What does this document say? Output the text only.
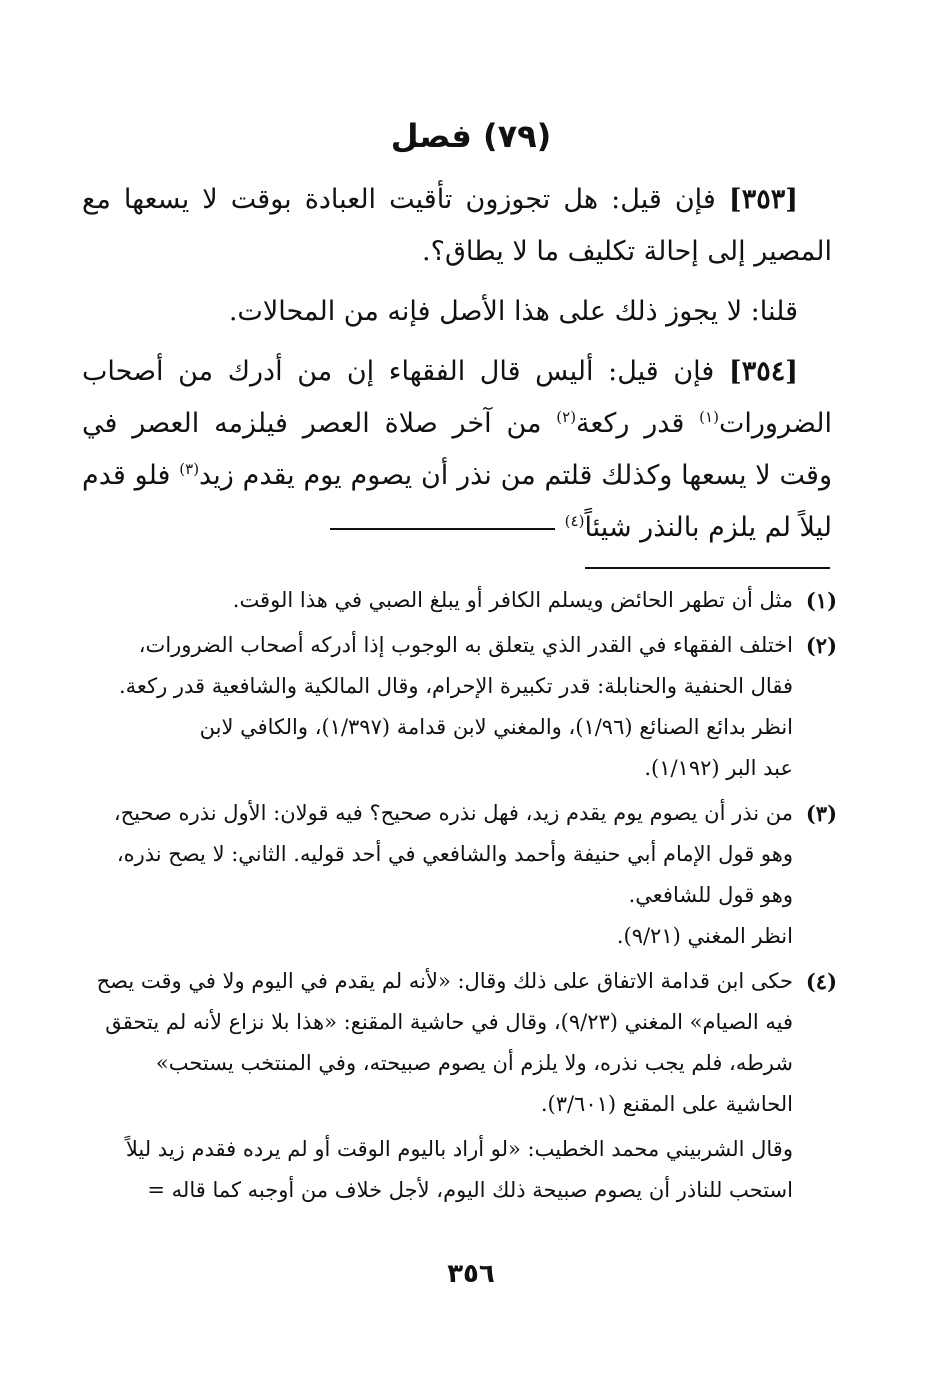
(٧٩) فصل

[٣٥٣] فإن قيل: هل تجوزون تأقيت العبادة بوقت لا يسعها مع المصير إلى إحالة تكليف ما لا يطاق؟.

قلنا: لا يجوز ذلك على هذا الأصل فإنه من المحالات.

[٣٥٤] فإن قيل: أليس قال الفقهاء إن من أدرك من أصحاب الضرورات$^{(١)}$ قدر ركعة$^{(٢)}$ من آخر صلاة العصر فيلزمه العصر في وقت لا يسعها وكذلك قلتم من نذر أن يصوم يوم يقدم زيد$^{(٣)}$ فلو قدم ليلاً لم يلزم بالنذر شيئاً$^{(٤)}$

(١)

مثل أن تطهر الحائض ويسلم الكافر أو يبلغ الصبي في هذا الوقت.

(٢)

اختلف الفقهاء في القدر الذي يتعلق به الوجوب إذا أدركه أصحاب الضرورات،

فقال الحنفية والحنابلة: قدر تكبيرة الإحرام، وقال المالكية والشافعية قدر ركعة.

انظر بدائع الصنائع (١/٩٦)، والمغني لابن قدامة (١/٣٩٧)، والكافي لابن

عبد البر (١/١٩٢).

(٣)

من نذر أن يصوم يوم يقدم زيد، فهل نذره صحيح؟ فيه قولان: الأول نذره صحيح،

وهو قول الإمام أبي حنيفة وأحمد والشافعي في أحد قوليه. الثاني: لا يصح نذره،

وهو قول للشافعي.

انظر المغني (٩/٢١).

(٤)

حكى ابن قدامة الاتفاق على ذلك وقال: «لأنه لم يقدم في اليوم ولا في وقت يصح

فيه الصيام» المغني (٩/٢٣)، وقال في حاشية المقنع: «هذا بلا نزاع لأنه لم يتحقق

شرطه، فلم يجب نذره، ولا يلزم أن يصوم صبيحته، وفي المنتخب يستحب»

الحاشية على المقنع (٣/٦٠١).

وقال الشربيني محمد الخطيب: «لو أراد باليوم الوقت أو لم يرده فقدم زيد ليلاً

استحب للناذر أن يصوم صبيحة ذلك اليوم، لأجل خلاف من أوجبه كما قاله =

٣٥٦
